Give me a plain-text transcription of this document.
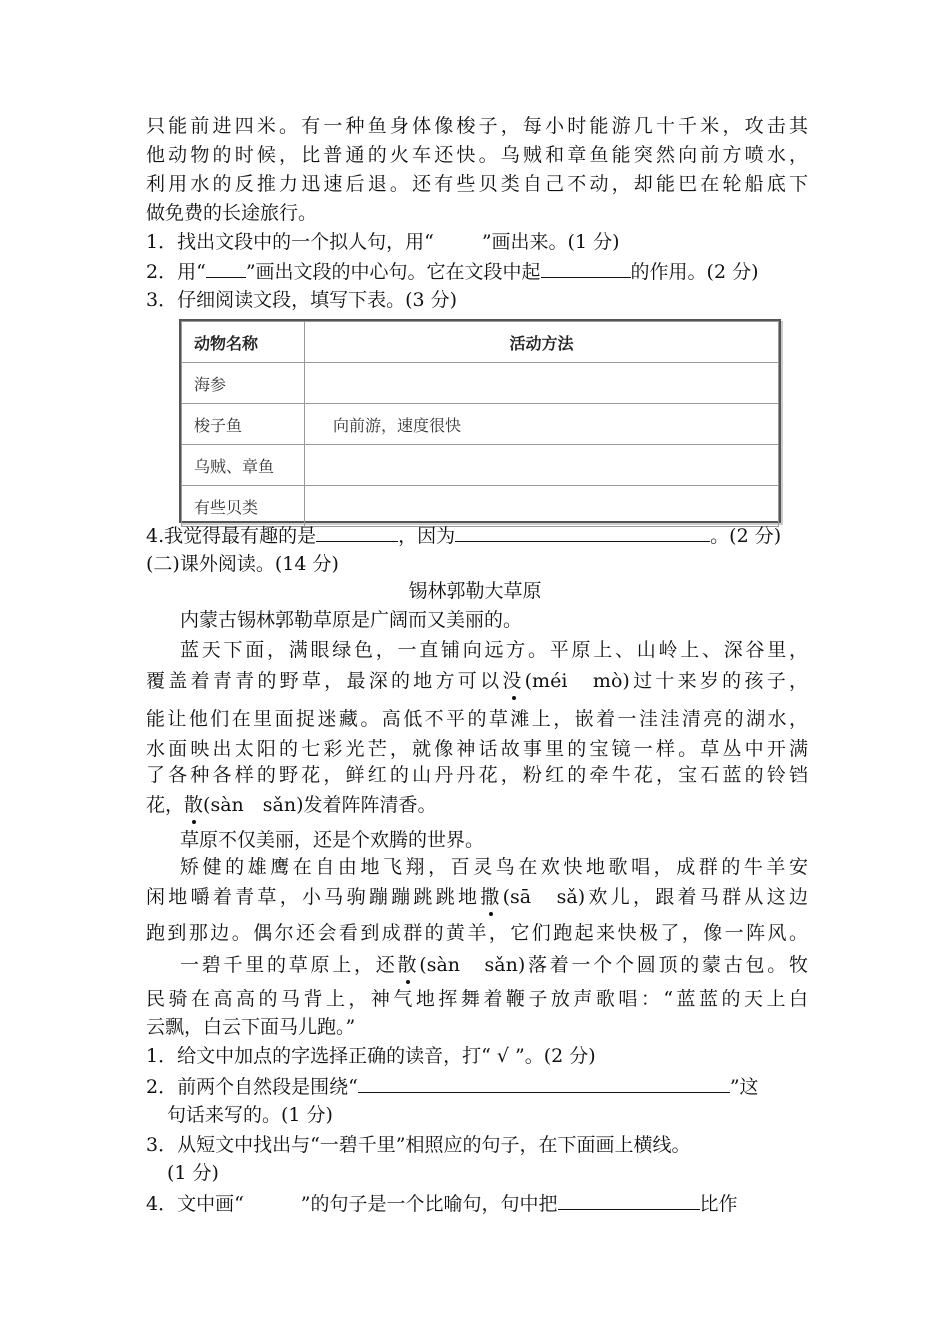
只能前进四米。有一种鱼身体像梭子，每小时能游几十千米，攻击其
他动物的时候，比普通的火车还快。乌贼和章鱼能突然向前方喷水，
利用水的反推力迅速后退。还有些贝类自己不动，却能巴在轮船底下
做免费的长途旅行。
1．找出文段中的一个拟人句，用“	”画出来。(1 分)
2．用“ ”画出文段的中心句。它在文段中起	的作用。(2 分)
3．仔细阅读文段，填写下表。(3 分)
动物名称	活动方法
海参	
梭子鱼	向前游，速度很快
乌贼、章鱼	
有些贝类	
4.我觉得最有趣的是	，因为	。(2 分)
(二)课外阅读。(14 分)
锡林郭勒大草原
内蒙古锡林郭勒草原是广阔而又美丽的。
蓝天下面，满眼绿色，一直铺向远方。平原上、山岭上、深谷里，
覆盖着青青的野草，最深的地方可以没(méi　mò)过十来岁的孩子，
能让他们在里面捉迷藏。高低不平的草滩上，嵌着一洼洼清亮的湖水，
水面映出太阳的七彩光芒，就像神话故事里的宝镜一样。草丛中开满
了各种各样的野花，鲜红的山丹丹花，粉红的牵牛花，宝石蓝的铃铛
花，散(sàn　sǎn)发着阵阵清香。
草原不仅美丽，还是个欢腾的世界。
矫健的雄鹰在自由地飞翔，百灵鸟在欢快地歌唱，成群的牛羊安
闲地嚼着青草，小马驹蹦蹦跳跳地撒(sā　sǎ)欢儿，跟着马群从这边
跑到那边。偶尔还会看到成群的黄羊，它们跑起来快极了，像一阵风。
一碧千里的草原上，还散(sàn　sǎn)落着一个个圆顶的蒙古包。牧
民骑在高高的马背上，神气地挥舞着鞭子放声歌唱：“蓝蓝的天上白
云飘，白云下面马儿跑。”
1．给文中加点的字选择正确的读音，打“ √ ”。(2 分)
2．前两个自然段是围绕“	”这
句话来写的。(1 分)
3．从短文中找出与“一碧千里”相照应的句子，在下面画上横线。
(1 分)
4．文中画“　　　”的句子是一个比喻句，句中把	比作
